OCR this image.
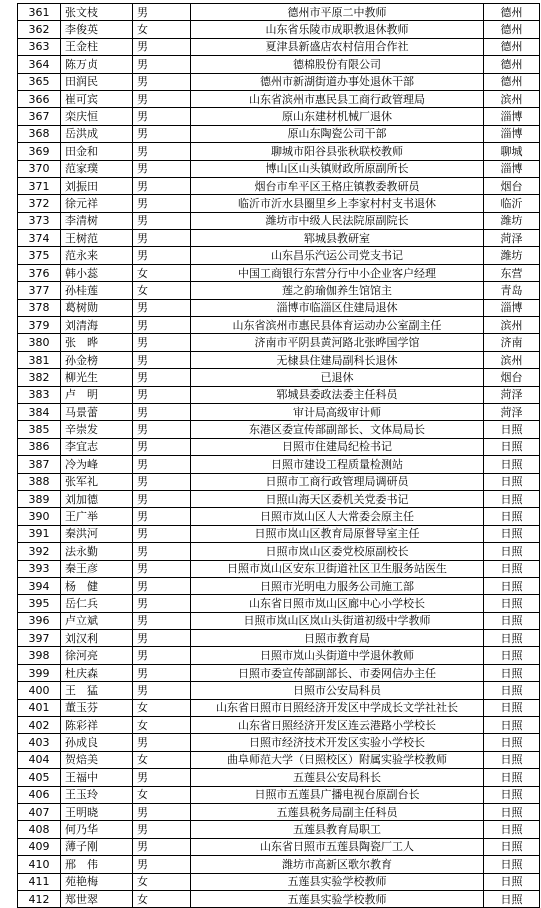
361	张文枝	男	德州市平原二中教师	德州
362	李俊英	女	山东省乐陵市成职教退休教师	德州
363	王金柱	男	夏津县新盛店农村信用合作社	德州
364	陈万贞	男	德棉股份有限公司	德州
365	田润民	男	德州市新湖街道办事处退休干部	德州
366	崔可宾	男	山东省滨州市惠民县工商行政管理局	滨州
367	栾庆恒	男	原山东建材机械厂退休	淄博
368	岳洪成	男	原山东陶瓷公司干部	淄博
369	田金和	男	聊城市阳谷县张秋联校教师	聊城
370	范家璞	男	博山区山头镇财政所原副所长	淄博
371	刘振田	男	烟台市牟平区王格庄镇教委教研员	烟台
372	徐元祥	男	临沂市沂水县圈里乡上李家村村支书退休	临沂
373	李清树	男	潍坊市中级人民法院原副院长	潍坊
374	王树范	男	郓城县教研室	菏泽
375	范永来	男	山东昌乐汽运公司党支书记	潍坊
376	韩小蕊	女	中国工商银行东营分行中小企业客户经理	东营
377	孙桂莲	女	莲之韵瑜伽养生馆馆主	青岛
378	葛树勋	男	淄博市临淄区住建局退休	淄博
379	刘清海	男	山东省滨州市惠民县体育运动办公室副主任	滨州
380	张　晔	男	济南市平阴县黄河路北张晔国学馆	济南
381	孙金榜	男	无棣县住建局副科长退休	滨州
382	柳光生	男	已退休	烟台
383	卢　明	男	郓城县委政法委主任科员	菏泽
384	马景蕾	男	审计局高级审计师	菏泽
385	辛崇发	男	东港区委宣传部副部长、文体局局长	日照
386	李宜志	男	日照市住建局纪检书记	日照
387	冷为峰	男	日照市建设工程质量检测站	日照
388	张军礼	男	日照市工商行政管理局调研员	日照
389	刘加德	男	日照山海天区委机关党委书记	日照
390	王广举	男	日照市岚山区人大常委会原主任	日照
391	秦洪河	男	日照市岚山区教育局原督导室主任	日照
392	法永勤	男	日照市岚山区委党校原副校长	日照
393	秦王彦	男	日照市岚山区安东卫街道社区卫生服务站医生	日照
394	杨　健	男	日照市光明电力服务公司施工部	日照
395	岳仁兵	男	山东省日照市岚山区廊中心小学校长	日照
396	卢立斌	男	日照市岚山区岚山头街道初级中学教师	日照
397	刘汉利	男	日照市教育局	日照
398	徐河亮	男	日照市岚山头街道中学退休教师	日照
399	杜庆森	男	日照市委宣传部副部长、市委网信办主任	日照
400	王　猛	男	日照市公安局科员	日照
401	董玉芬	女	山东省日照市日照经济开发区中学成长文学社社长	日照
402	陈彩祥	女	山东省日照经济开发区连云港路小学校长	日照
403	孙成良	男	日照市经济技术开发区实验小学校长	日照
404	贺焙美	女	曲阜师范大学（日照校区）附属实验学校教师	日照
405	王福中	男	五莲县公安局科长	日照
406	王玉玲	女	日照市五莲县广播电视台原副台长	日照
407	王明晓	男	五莲县税务局副主任科员	日照
408	何乃华	男	五莲县教育局职工	日照
409	薄子刚	男	山东省日照市五莲县陶瓷厂工人	日照
410	邢　伟	男	潍坊市高新区歌尔教育	日照
411	苑艳梅	女	五莲县实验学校教师	日照
412	郑世翠	女	五莲县实验学校教师	日照
